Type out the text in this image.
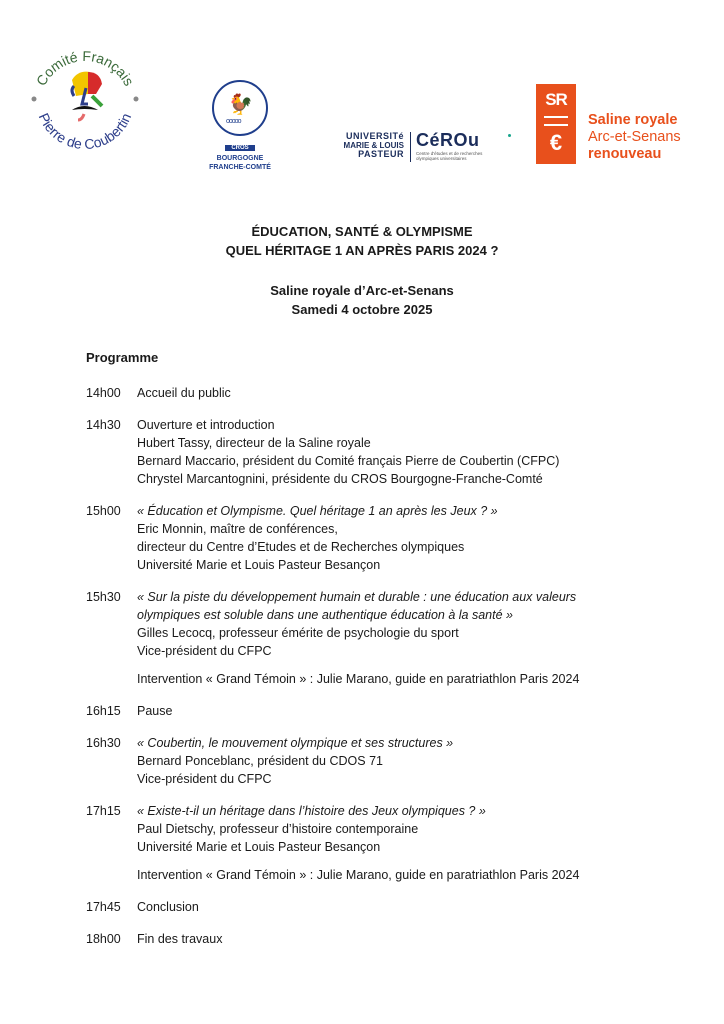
Comité Français
Pierre de Coubertin
🐓
ooooo
CROS
BOURGOGNE
FRANCHE-COMTÉ
UNIVERSITé
MARIE & LOUIS
PASTEUR
CéROu
Centre d'études et de recherches olympiques universitaires
SR
€
Saline royale
Arc-et-Senans
renouveau
ÉDUCATION, SANTÉ & OLYMPISME
QUEL HÉRITAGE 1 AN APRÈS PARIS 2024 ?
Saline royale d’Arc-et-Senans
Samedi 4 octobre 2025
Programme
14h00	Accueil du public
14h30	Ouverture et introduction
Hubert Tassy, directeur de la Saline royale
Bernard Maccario, président du Comité français Pierre de Coubertin (CFPC)
Chrystel Marcantognini, présidente du CROS Bourgogne-Franche-Comté
15h00	« Éducation et Olympisme. Quel héritage 1 an après les Jeux ? »
Eric Monnin, maître de conférences,
directeur du Centre d’Etudes et de Recherches olympiques
Université Marie et Louis Pasteur Besançon
15h30	« Sur la piste du développement humain et durable : une éducation aux valeurs
olympiques est soluble dans une authentique éducation à la santé »
Gilles Lecocq, professeur émérite de psychologie du sport
Vice-président du CFPC
Intervention « Grand Témoin » : Julie Marano, guide en paratriathlon Paris 2024
16h15	Pause
16h30	« Coubertin, le mouvement olympique et ses structures »
Bernard Ponceblanc, président du CDOS 71
Vice-président du CFPC
17h15	« Existe-t-il un héritage dans l’histoire des Jeux olympiques ? »
Paul Dietschy, professeur d’histoire contemporaine
Université Marie et Louis Pasteur Besançon
Intervention « Grand Témoin » : Julie Marano, guide en paratriathlon Paris 2024
17h45	Conclusion
18h00	Fin des travaux
